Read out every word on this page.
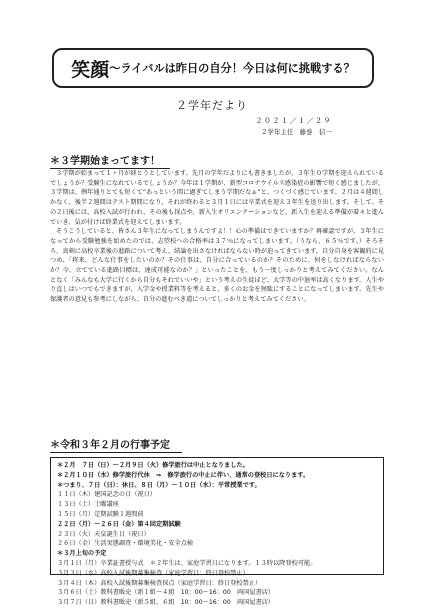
笑顔 ～ライバルは昨日の自分！今日は何に挑戦する？
２学年だより
２０２１／１／２９
２学年主任 藤巻　信一
＊３学期始まってます！

３学期が始まって１ヶ月が経とうとしています。先月の学年だよりにも書きましたが、３年生０学期を迎えられているでしょうか？受験生になれているでしょうか？今年は１学期が、新型コロナウイルス感染症の影響で短く感じましたが、３学期は、例年通りとても短くて“あっという間に過ぎてしまう学期だなぁ”と、つくづく感じています。２月は４週間しかなく、後半２週間はテスト期間になり、それが終わると３月１日には卒業式を迎え３年生を送り出します。そして、その２日後には、高校入試が行われ、その後も採点や、新入生オリエンテーションなど、新入生を迎える準備が着々と進んでいき、気が付けば終業式を迎えてしまいます。

そうこうしていると、皆さん３年生になってしまうんですよ！！心の準備はできていますか？再確認ですが、３年生になってから受験勉強を始めたのでは、志望校への合格率は３７％になってしまいます。（うなら、６５％です。）そろそろ、真剣に高校卒業後の進路について考え、結論を出さなければならない時が迫ってきています。自分自身を客観的に見つめ、「将来、どんな仕事をしたいのか？その仕事は、自分に合っているのか？そのために、何をしなければならないか？今、立てている進路目標は、達成可能なのか？」といったことを、もう一度しっかりと考えてみてください。なんとなく「みんなも大学に行くから自分もそれでいいや」という考えの生徒ほど、大学等の中退率は高くなります。人生やり直しはいつでもできますが、入学金や授業料等を考えると、多くのお金を無駄にすることになってしまいます。先生や保護者の意見も参考にしながら、自分の進むべき道についてしっかりと考えてみてください。

＊令和３年２月の行事予定
＊２月　７日（日）～２月９日（火）修学旅行は中止となりました。
＊２月１０日（水）修学旅行代休　⇒　修学旅行の中止に伴い、通常の登校日になります。
＊つまり、７日（日）：休日、８日（月）～１０日（水）：平常授業です。
１１日（木）建国記念の日（祝日）
１３日（土）土曜講座
１５日（月）定期試験１週間前
２２日（月）～２６日（金）第４回定期試験
２３日（火）天皇誕生日（祝日）
２６日（金）生活実態調査・環境美化・安全点検
＊３月上旬の予定
３月１日（月）卒業証書授与式　＊２年生は、家庭学習日になります。１３時以降登校可能。
３月３日（水）高校入試後期募集検査（家庭学習日：終日登校禁止）
３月４日（木）高校入試後期募集検査採点（家庭学習日：終日登校禁止）
３月６日（土）教科書販売（新１組～４組　10：00～16：00　両国屋書店）
３月７日（日）教科書販売（新５組、６組　10：00～16：00　両国屋書店）
